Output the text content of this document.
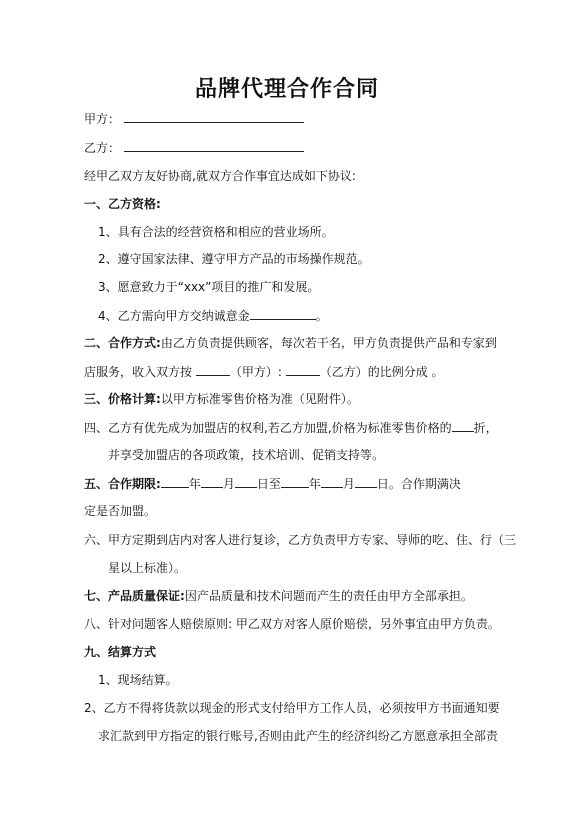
品牌代理合作合同
甲方：
乙方：
经甲乙双方友好协商,就双方合作事宜达成如下协议:
一、乙方资格:
1、具有合法的经营资格和相应的营业场所。
2、遵守国家法律、遵守甲方产品的市场操作规范。
3、愿意致力于“xxx”项目的推广和发展。
4、乙方需向甲方交纳诚意金	。
二、合作方式:由乙方负责提供顾客，每次若干名，甲方负责提供产品和专家到
店服务，收入双方按	（甲方）:	（乙方）的比例分成 。
三、价格计算:以甲方标准零售价格为准（见附件）。
四、乙方有优先成为加盟店的权利,若乙方加盟,价格为标准零售价格的 折，
并享受加盟店的各项政策，技术培训、促销支持等。
五、合作期限: 年 月 日至 年 月 日。合作期满决
定是否加盟。
六、甲方定期到店内对客人进行复诊，乙方负责甲方专家、导师的吃、住、行（三
星以上标准）。
七、产品质量保证:因产品质量和技术问题而产生的责任由甲方全部承担。
八、针对问题客人赔偿原则: 甲乙双方对客人原价赔偿，另外事宜由甲方负责。
九、结算方式
1、现场结算。
2、乙方不得将货款以现金的形式支付给甲方工作人员，必须按甲方书面通知要
求汇款到甲方指定的银行账号,否则由此产生的经济纠纷乙方愿意承担全部责
